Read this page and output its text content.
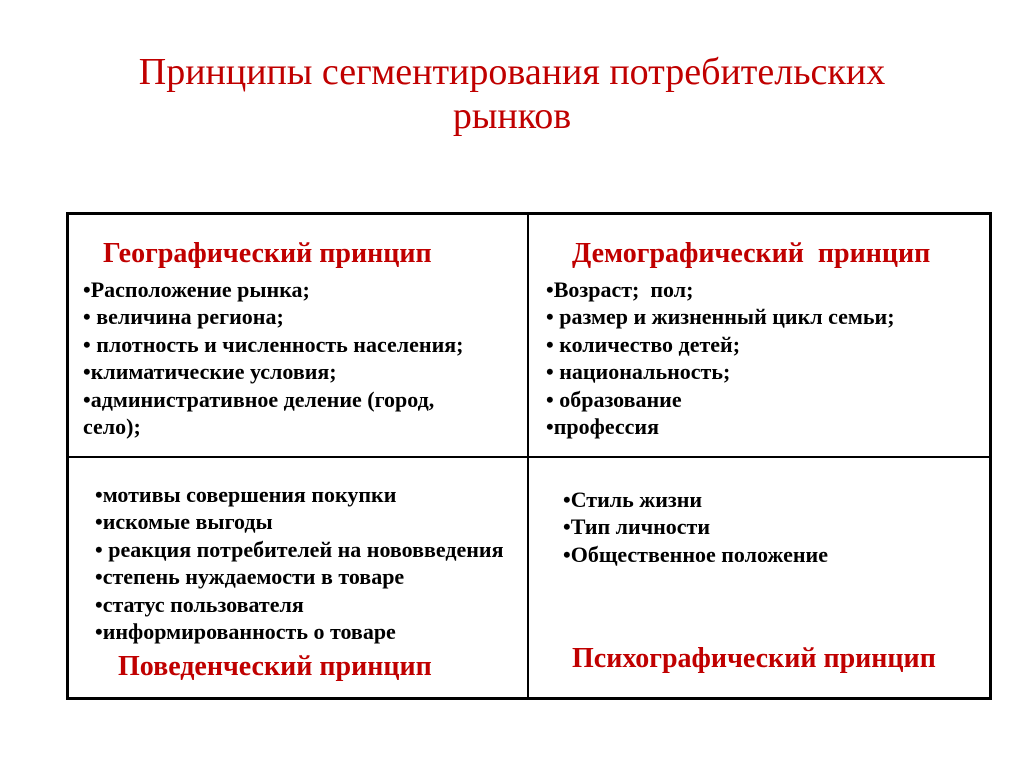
Принципы сегментирования потребительских
рынков
Географический принцип
•Расположение рынка;
• величина региона;
• плотность и численность населения;
•климатические условия;
•административное деление (город,
село);
Демографический  принцип
•Возраст;  пол;
• размер и жизненный цикл семьи;
• количество детей;
• национальность;
• образование
•профессия
•мотивы совершения покупки
•искомые выгоды
• реакция потребителей на нововведения
•степень нуждаемости в товаре
•статус пользователя
•информированность о товаре
Поведенческий принцип
•Стиль жизни
•Тип личности
•Общественное положение
Психографический принцип
